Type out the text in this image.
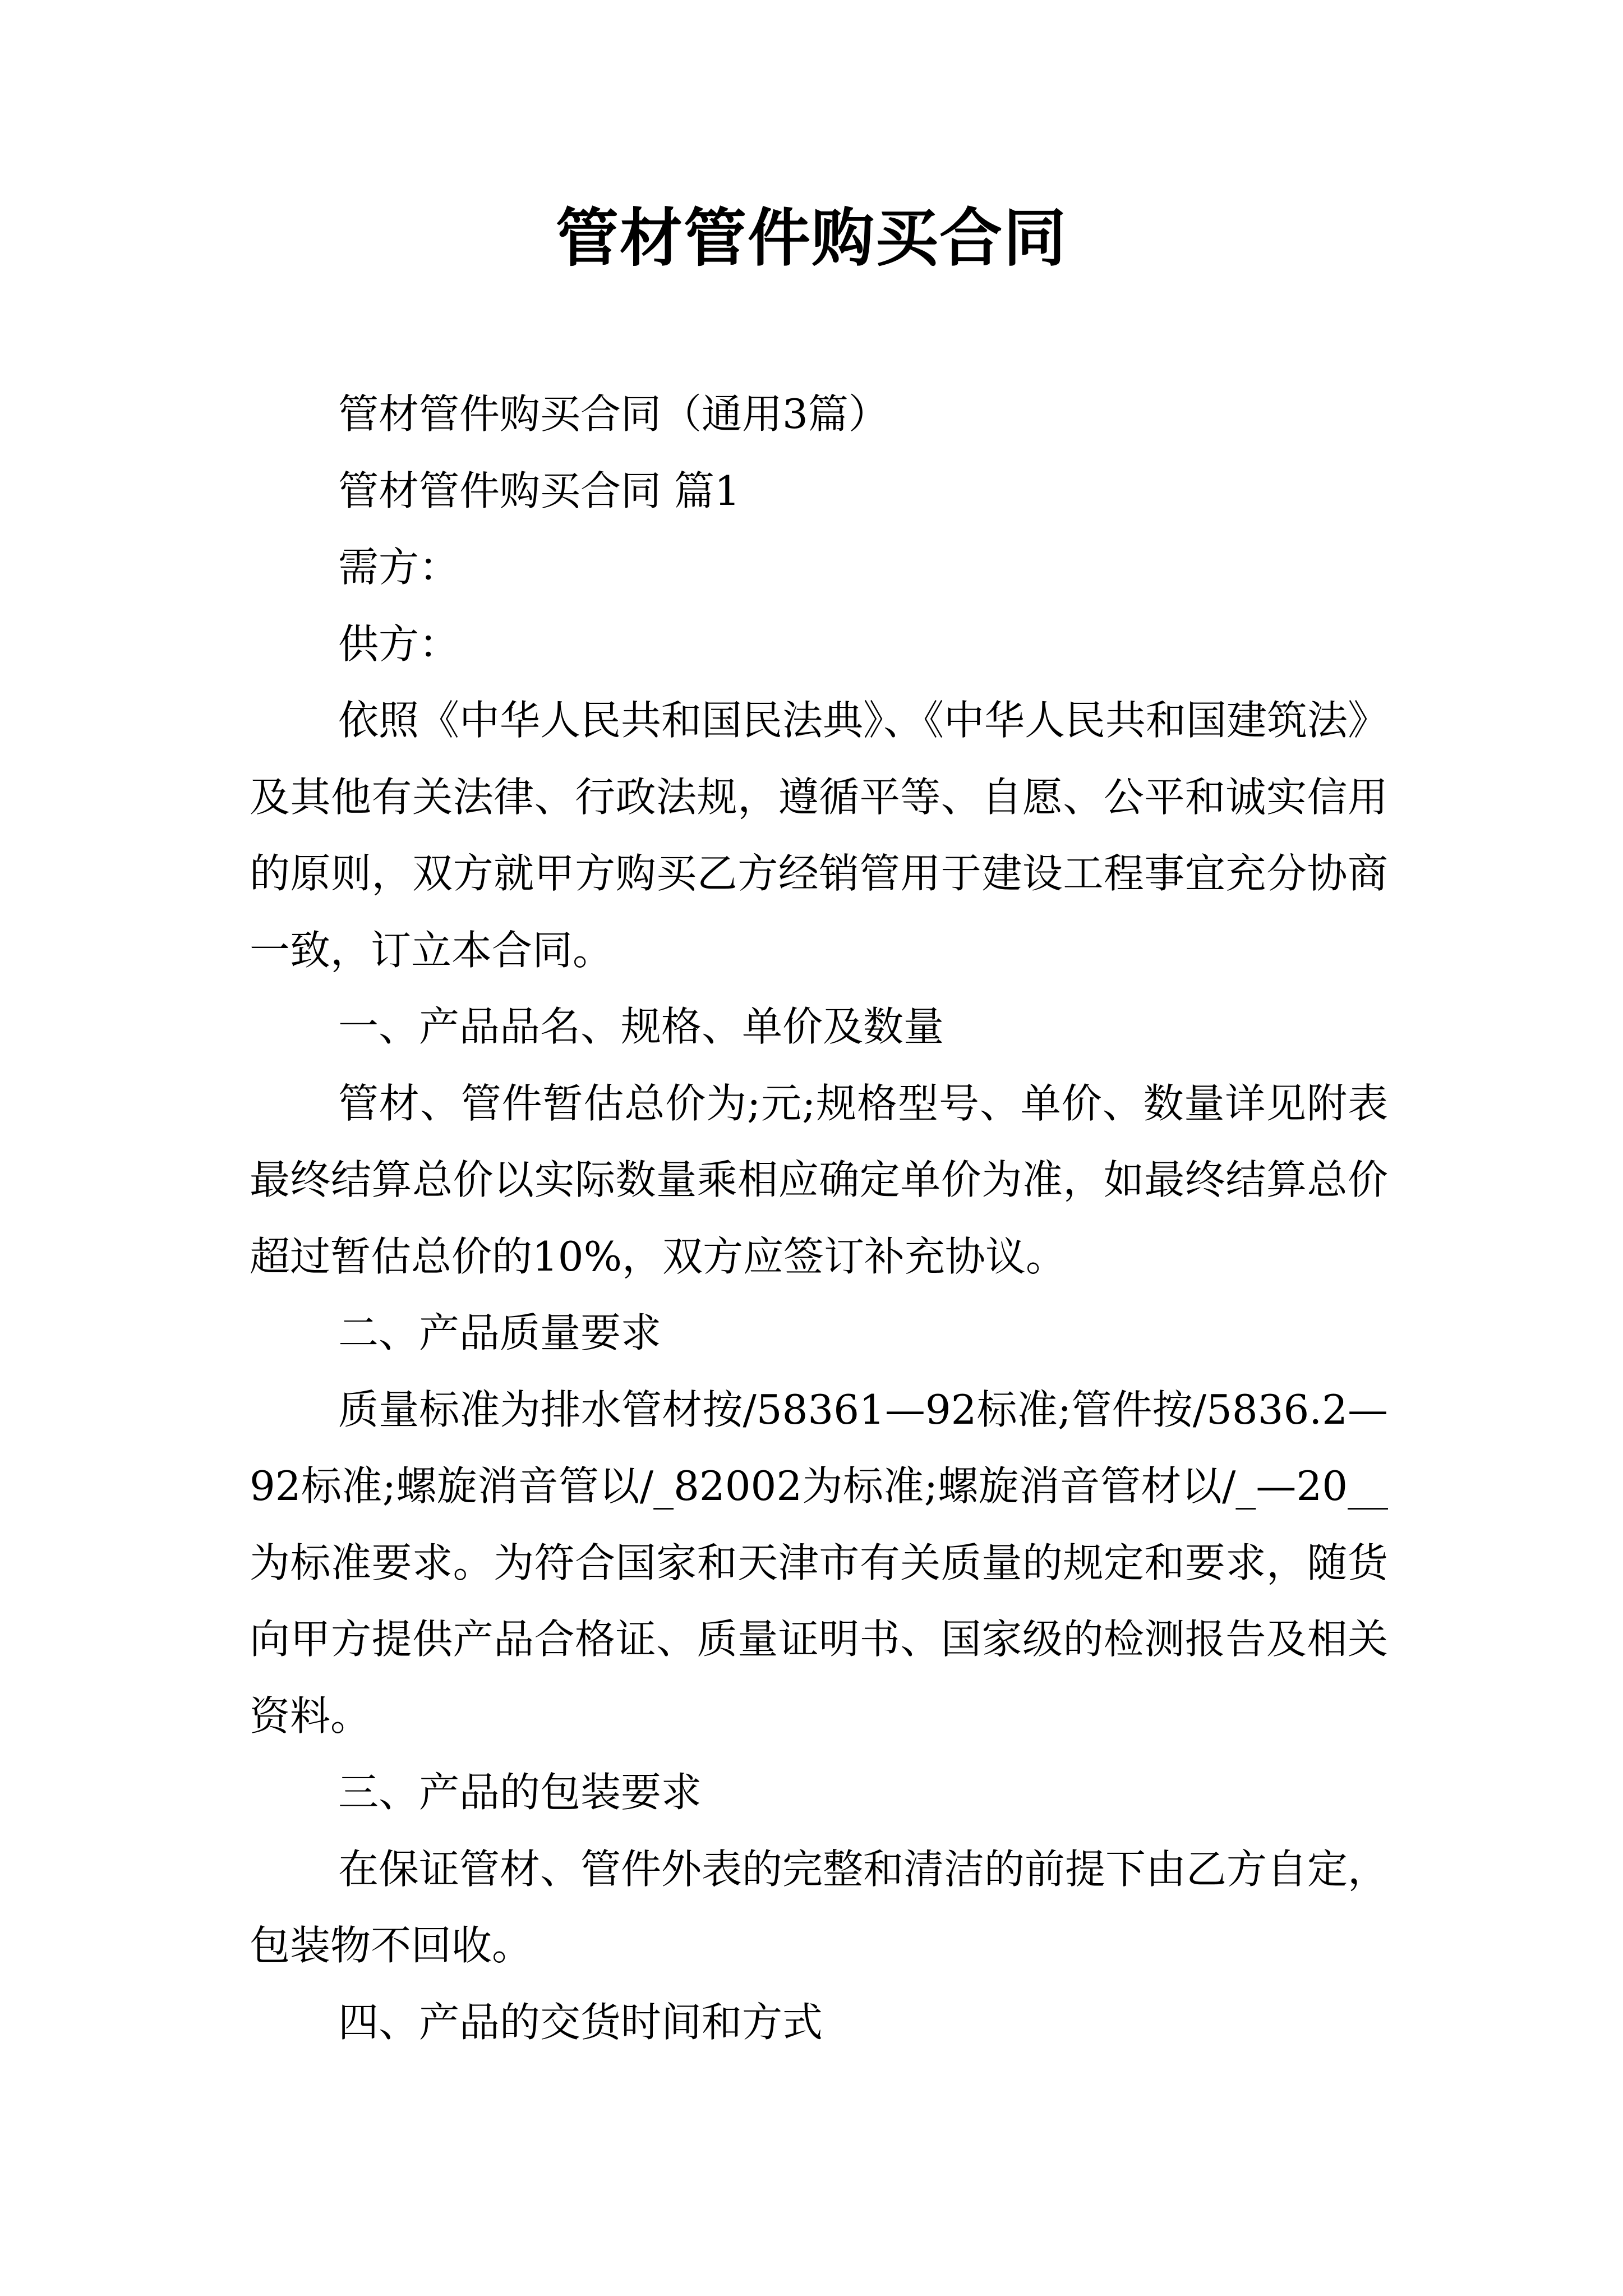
管材管件购买合同

管材管件购买合同（通用3篇）

管材管件购买合同 篇1

需方：

供方：

依照《中华人民共和国民法典》、《中华人民共和国建筑法》及其他有关法律、行政法规，遵循平等、自愿、公平和诚实信用的原则，双方就甲方购买乙方经销管用于建设工程事宜充分协商一致，订立本合同。

一、产品品名、规格、单价及数量

管材、管件暂估总价为;元;规格型号、单价、数量详见附表最终结算总价以实际数量乘相应确定单价为准，如最终结算总价超过暂估总价的10%，双方应签订补充协议。

二、产品质量要求

质量标准为排水管材按/58361—92标准;管件按/5836.2—92标准;螺旋消音管以/_82002为标准;螺旋消音管材以/_—20__为标准要求。为符合国家和天津市有关质量的规定和要求，随货向甲方提供产品合格证、质量证明书、国家级的检测报告及相关资料。

三、产品的包装要求

在保证管材、管件外表的完整和清洁的前提下由乙方自定，包装物不回收。

四、产品的交货时间和方式
